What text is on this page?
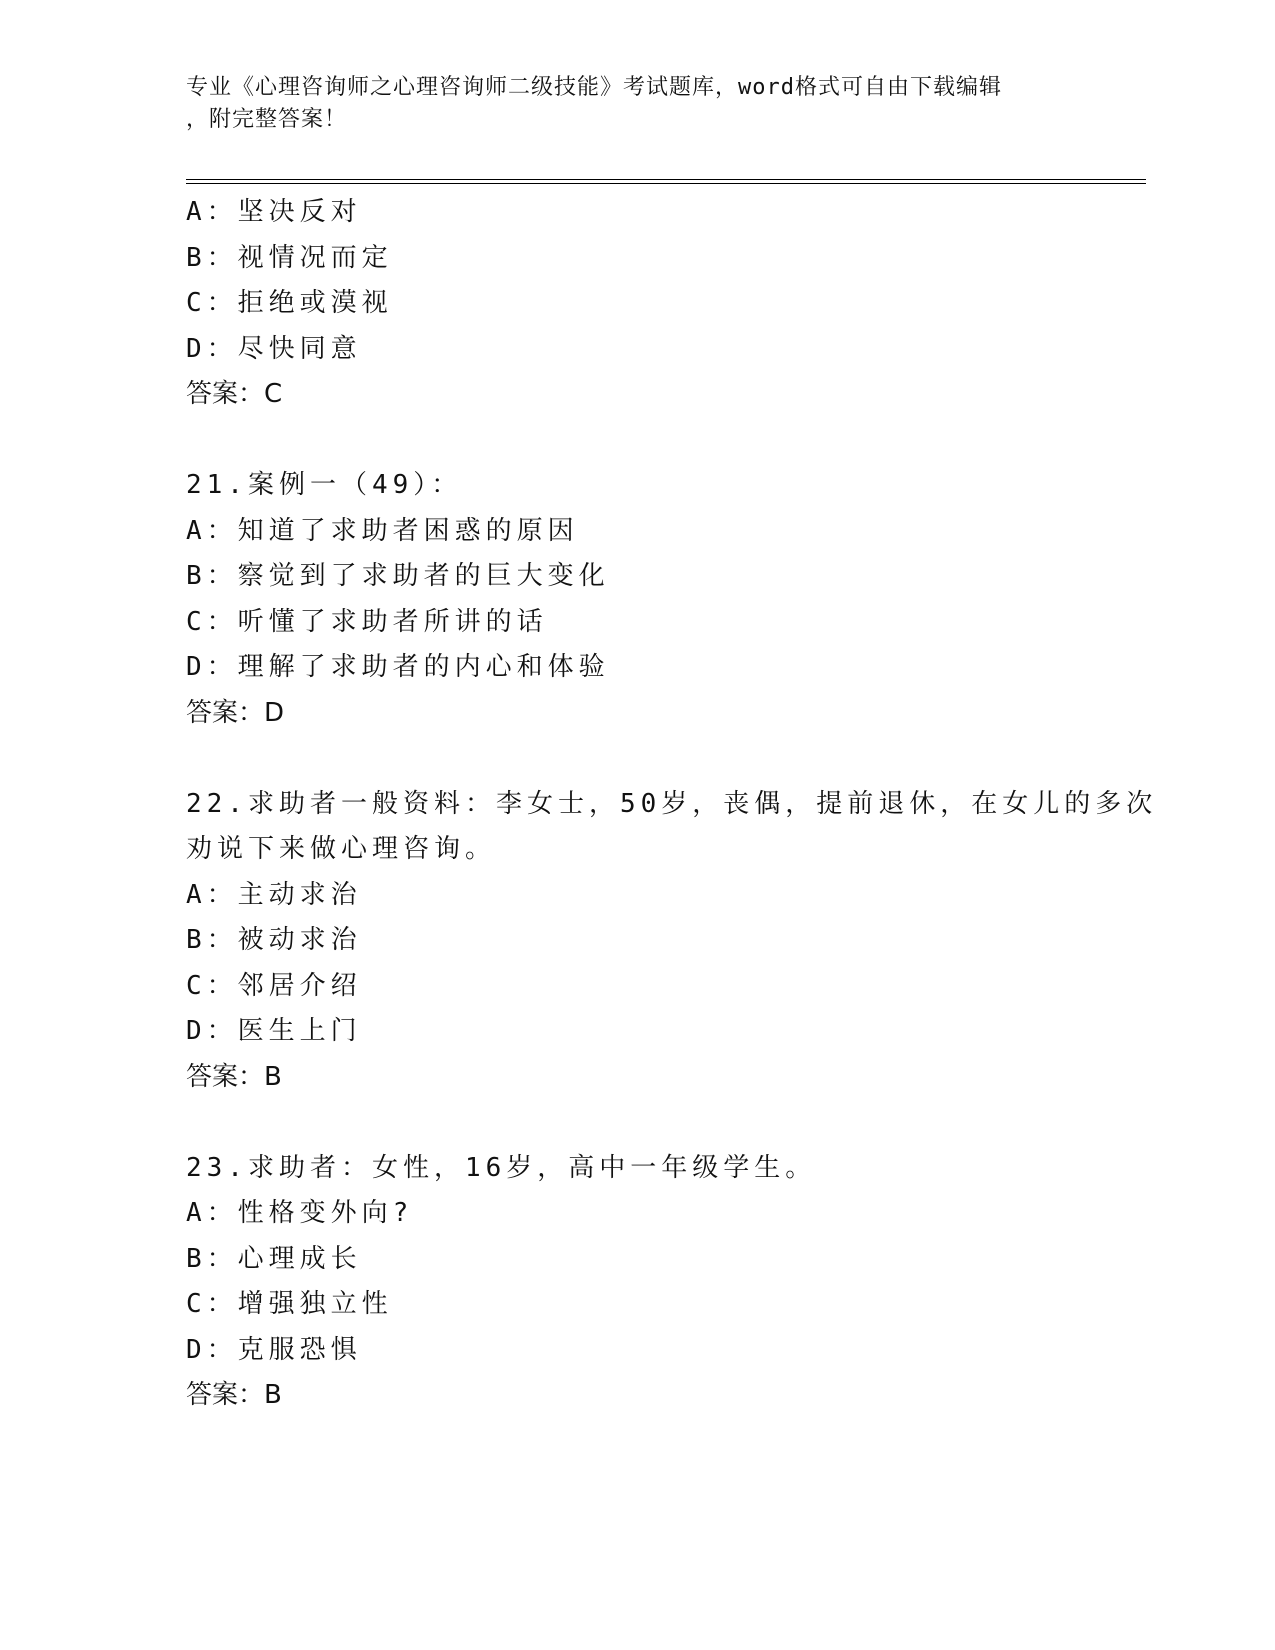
专业《心理咨询师之心理咨询师二级技能》考试题库，word格式可自由下载编辑
，附完整答案！
A：坚决反对
B：视情况而定
C：拒绝或漠视
D：尽快同意
答案：C
21.案例一（49）：
A：知道了求助者困惑的原因
B：察觉到了求助者的巨大变化
C：听懂了求助者所讲的话
D：理解了求助者的内心和体验
答案：D
22.求助者一般资料：李女士，50岁，丧偶，提前退休，在女儿的多次
劝说下来做心理咨询。
A：主动求治
B：被动求治
C：邻居介绍
D：医生上门
答案：B
23.求助者：女性，16岁，高中一年级学生。
A：性格变外向?
B：心理成长
C：增强独立性
D：克服恐惧
答案：B
